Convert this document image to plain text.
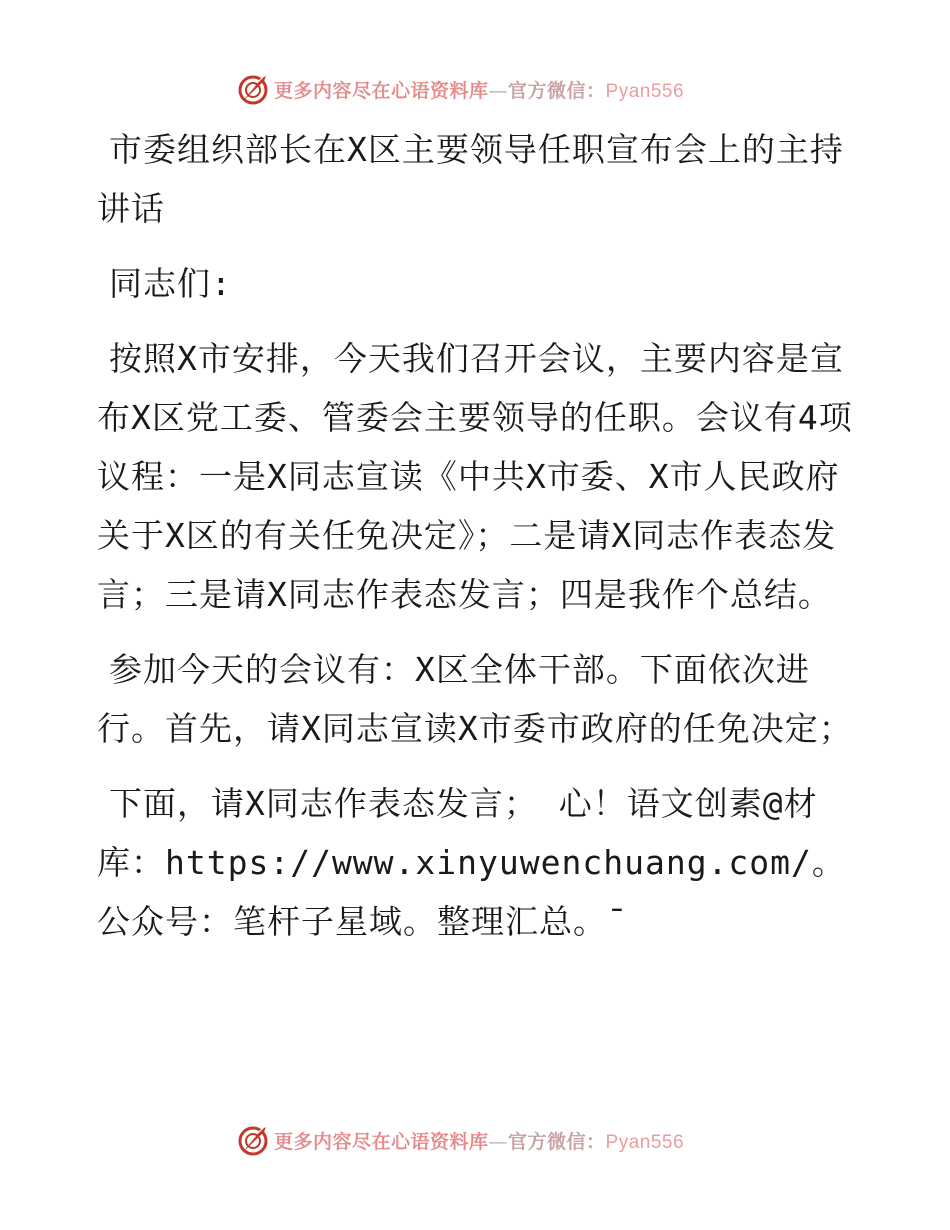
更多内容尽在心语资料库—官方微信：Pyan556

市委组织部长在X区主要领导任职宣布会上的主持讲话

同志们:

按照X市安排，今天我们召开会议，主要内容是宣布X区党工委、管委会主要领导的任职。会议有4项议程：一是X同志宣读《中共X市委、X市人民政府关于X区的有关任免决定》；二是请X同志作表态发言；三是请X同志作表态发言；四是我作个总结。

参加今天的会议有：X区全体干部。下面依次进行。首先，请X同志宣读X市委市政府的任免决定；

下面，请X同志作表态发言； 心！语文创素@材库：https://www.xinyuwenchuang.com/。公众号：笔杆子星域。整理汇总。¯

更多内容尽在心语资料库—官方微信：Pyan556
